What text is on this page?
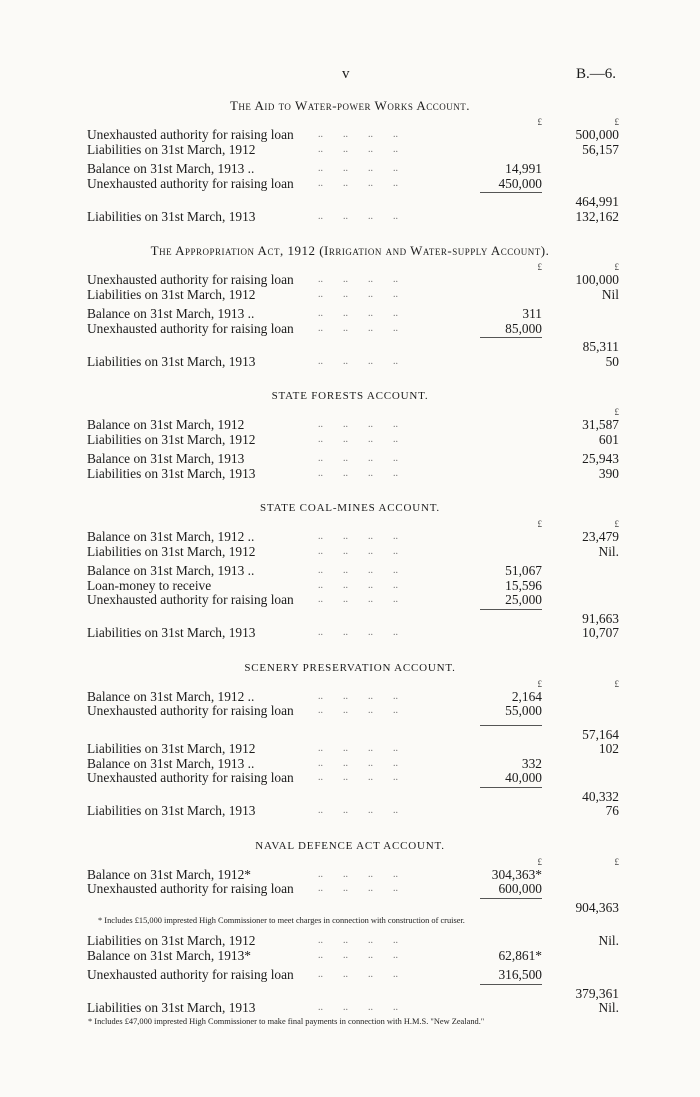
v	B.—6.
The Aid to Water-power Works Account.
£	£
Unexhausted authority for raising loan ..        ..        ..        ..	500,000
Liabilities on 31st March, 1912	..        ..        ..        ..	56,157
Balance on 31st March, 1913 ..	..        ..        ..        ..	14,991
Unexhausted authority for raising loan ..        ..        ..        ..	450,000
464,991
Liabilities on 31st March, 1913	..        ..        ..        ..	132,162
The Appropriation Act, 1912 (Irrigation and Water-supply Account).
£	£
Unexhausted authority for raising loan ..        ..        ..        ..	100,000
Liabilities on 31st March, 1912	..        ..        ..        ..	Nil
Balance on 31st March, 1913 ..	..        ..        ..        ..	311
Unexhausted authority for raising loan ..        ..        ..        ..	85,000
85,311
Liabilities on 31st March, 1913	..        ..        ..        ..	50
STATE FORESTS ACCOUNT.
£
Balance on 31st March, 1912	..        ..        ..        ..	31,587
Liabilities on 31st March, 1912	..        ..        ..        ..	601
Balance on 31st March, 1913	..        ..        ..        ..	25,943
Liabilities on 31st March, 1913	..        ..        ..        ..	390
STATE COAL-MINES ACCOUNT.
£	£
Balance on 31st March, 1912 ..	..        ..        ..        ..	23,479
Liabilities on 31st March, 1912	..        ..        ..        ..	Nil.
Balance on 31st March, 1913 ..	..        ..        ..        ..	51,067
Loan-money to receive	..        ..        ..        ..	15,596
Unexhausted authority for raising loan ..        ..        ..        ..	25,000
91,663
Liabilities on 31st March, 1913	..        ..        ..        ..	10,707
SCENERY PRESERVATION ACCOUNT.
£	£
Balance on 31st March, 1912 ..	..        ..        ..        ..	2,164
Unexhausted authority for raising loan ..        ..        ..        ..	55,000
57,164
Liabilities on 31st March, 1912	..        ..        ..        ..	102
Balance on 31st March, 1913 ..	..        ..        ..        ..	332
Unexhausted authority for raising loan ..        ..        ..        ..	40,000
40,332
Liabilities on 31st March, 1913	..        ..        ..        ..	76
NAVAL DEFENCE ACT ACCOUNT.
£	£
Balance on 31st March, 1912*	..        ..        ..        ..	304,363*
Unexhausted authority for raising loan ..        ..        ..        ..	600,000
904,363
* Includes £15,000 imprested High Commissioner to meet charges in connection with construction of cruiser.
Liabilities on 31st March, 1912	..        ..        ..        ..	Nil.
Balance on 31st March, 1913*	..        ..        ..        ..	62,861*
Unexhausted authority for raising loan ..        ..        ..        ..	316,500
379,361
Liabilities on 31st March, 1913	..        ..        ..        ..	Nil.
* Includes £47,000 imprested High Commissioner to make final payments in connection with H.M.S. "New Zealand."
